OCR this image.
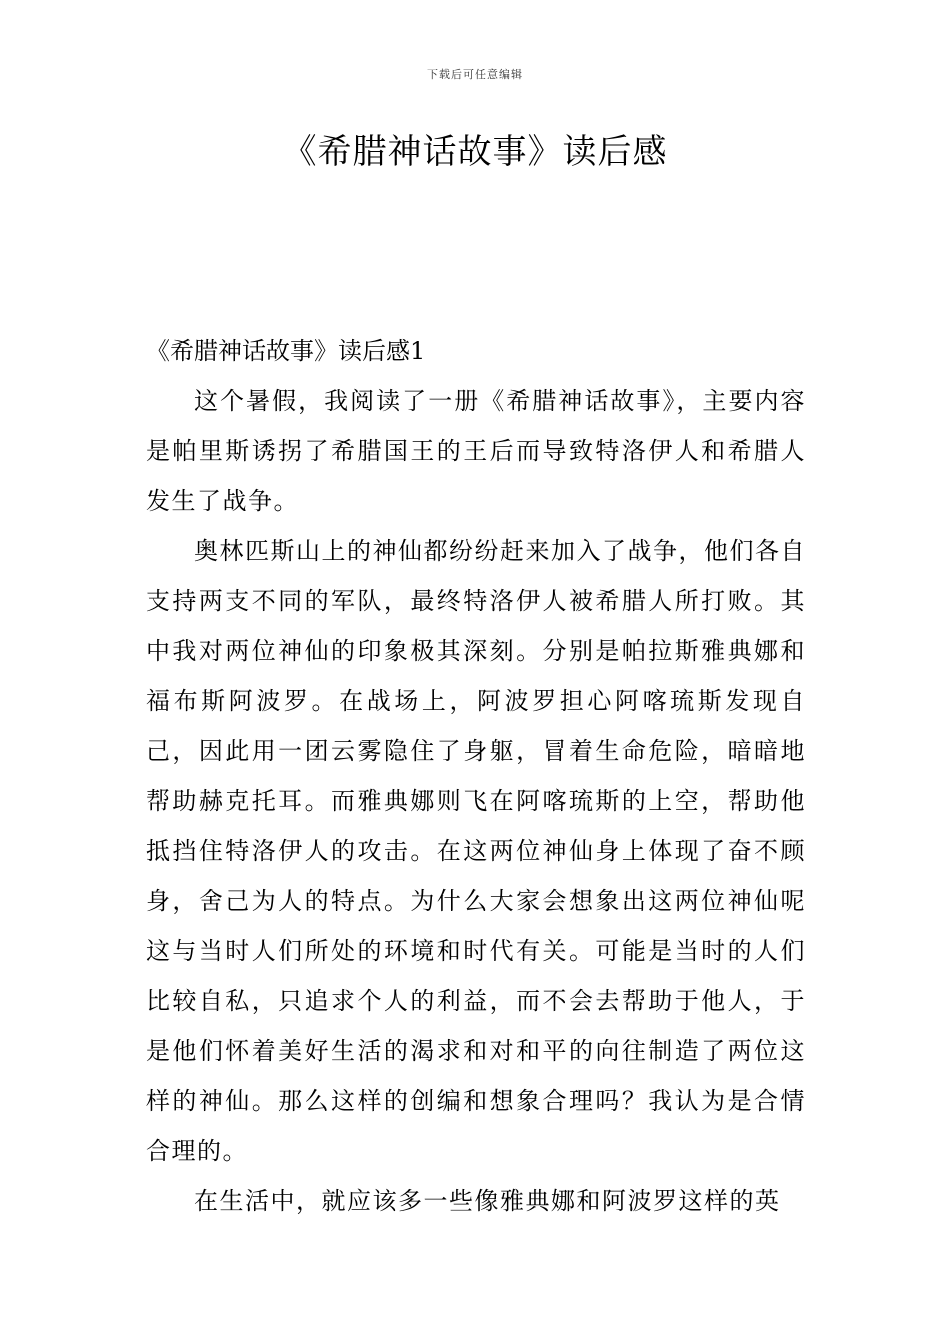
下载后可任意编辑
《希腊神话故事》读后感

《希腊神话故事》读后感1

这个暑假，我阅读了一册《希腊神话故事》，主要内容是帕里斯诱拐了希腊国王的王后而导致特洛伊人和希腊人发生了战争。

奥林匹斯山上的神仙都纷纷赶来加入了战争，他们各自支持两支不同的军队，最终特洛伊人被希腊人所打败。其中我对两位神仙的印象极其深刻。分别是帕拉斯雅典娜和福布斯阿波罗。在战场上，阿波罗担心阿喀琉斯发现自己，因此用一团云雾隐住了身躯，冒着生命危险，暗暗地帮助赫克托耳。而雅典娜则飞在阿喀琉斯的上空，帮助他抵挡住特洛伊人的攻击。在这两位神仙身上体现了奋不顾身，舍己为人的特点。为什么大家会想象出这两位神仙呢这与当时人们所处的环境和时代有关。可能是当时的人们比较自私，只追求个人的利益，而不会去帮助于他人，于是他们怀着美好生活的渴求和对和平的向往制造了两位这样的神仙。那么这样的创编和想象合理吗？我认为是合情合理的。

在生活中，就应该多一些像雅典娜和阿波罗这样的英
